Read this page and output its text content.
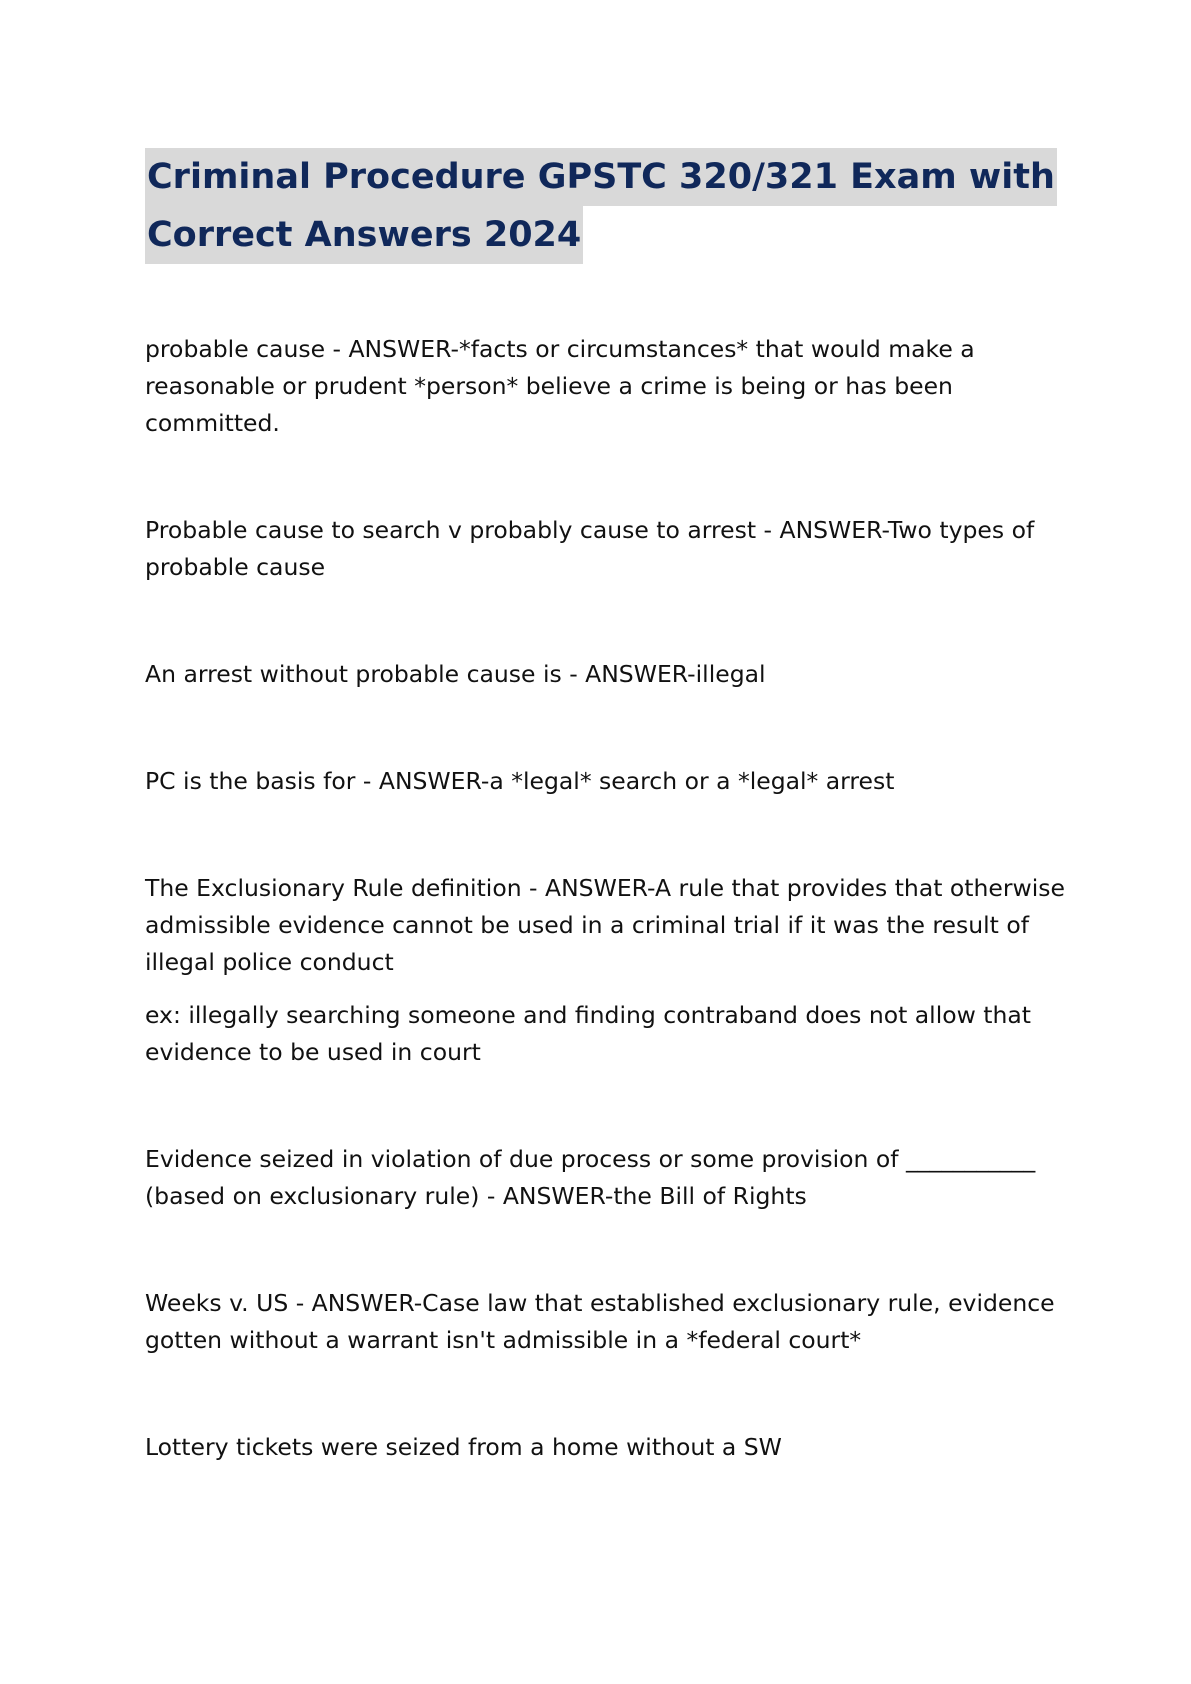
Criminal Procedure GPSTC 320/321 Exam with
Correct Answers 2024
probable cause - ANSWER-*facts or circumstances* that would make a
reasonable or prudent *person* believe a crime is being or has been
committed.
Probable cause to search v probably cause to arrest - ANSWER-Two types of
probable cause
An arrest without probable cause is - ANSWER-illegal
PC is the basis for - ANSWER-a *legal* search or a *legal* arrest
The Exclusionary Rule definition - ANSWER-A rule that provides that otherwise
admissible evidence cannot be used in a criminal trial if it was the result of
illegal police conduct
ex: illegally searching someone and finding contraband does not allow that
evidence to be used in court
Evidence seized in violation of due process or some provision of ___________
(based on exclusionary rule) - ANSWER-the Bill of Rights
Weeks v. US - ANSWER-Case law that established exclusionary rule, evidence
gotten without a warrant isn't admissible in a *federal court*
Lottery tickets were seized from a home without a SW
